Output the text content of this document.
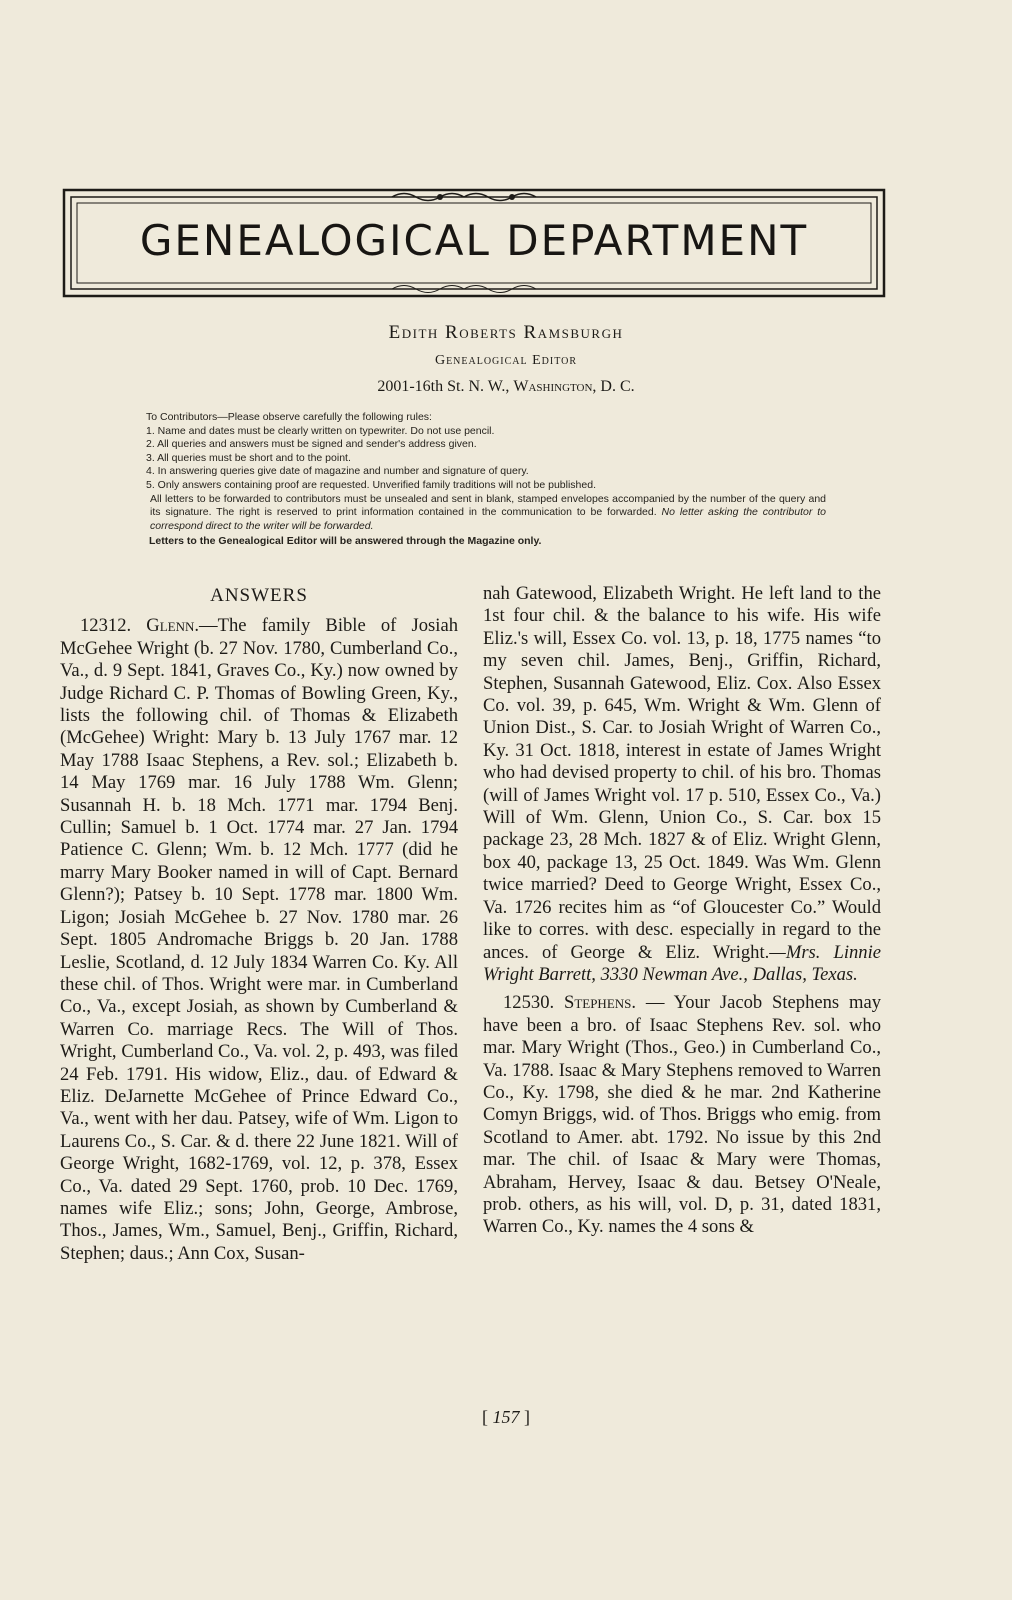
GENEALOGICAL DEPARTMENT
Edith Roberts Ramsburgh
Genealogical Editor
2001-16th St. N. W., Washington, D. C.
To Contributors—Please observe carefully the following rules:
1. Name and dates must be clearly written on typewriter. Do not use pencil.
2. All queries and answers must be signed and sender's address given.
3. All queries must be short and to the point.
4. In answering queries give date of magazine and number and signature of query.
5. Only answers containing proof are requested. Unverified family traditions will not be published.
All letters to be forwarded to contributors must be unsealed and sent in blank, stamped envelopes accompanied by the number of the query and its signature. The right is reserved to print information contained in the communication to be forwarded. No letter asking the contributor to correspond direct to the writer will be forwarded.
Letters to the Genealogical Editor will be answered through the Magazine only.

ANSWERS

12312. Glenn.—The family Bible of Josiah McGehee Wright (b. 27 Nov. 1780, Cumberland Co., Va., d. 9 Sept. 1841, Graves Co., Ky.) now owned by Judge Richard C. P. Thomas of Bowling Green, Ky., lists the following chil. of Thomas & Elizabeth (McGehee) Wright: Mary b. 13 July 1767 mar. 12 May 1788 Isaac Stephens, a Rev. sol.; Elizabeth b. 14 May 1769 mar. 16 July 1788 Wm. Glenn; Susannah H. b. 18 Mch. 1771 mar. 1794 Benj. Cullin; Samuel b. 1 Oct. 1774 mar. 27 Jan. 1794 Patience C. Glenn; Wm. b. 12 Mch. 1777 (did he marry Mary Booker named in will of Capt. Bernard Glenn?); Patsey b. 10 Sept. 1778 mar. 1800 Wm. Ligon; Josiah McGehee b. 27 Nov. 1780 mar. 26 Sept. 1805 Andromache Briggs b. 20 Jan. 1788 Leslie, Scotland, d. 12 July 1834 Warren Co. Ky. All these chil. of Thos. Wright were mar. in Cumberland Co., Va., except Josiah, as shown by Cumberland & Warren Co. marriage Recs. The Will of Thos. Wright, Cumberland Co., Va. vol. 2, p. 493, was filed 24 Feb. 1791. His widow, Eliz., dau. of Edward & Eliz. DeJarnette McGehee of Prince Edward Co., Va., went with her dau. Patsey, wife of Wm. Ligon to Laurens Co., S. Car. & d. there 22 June 1821. Will of George Wright, 1682-1769, vol. 12, p. 378, Essex Co., Va. dated 29 Sept. 1760, prob. 10 Dec. 1769, names wife Eliz.; sons; John, George, Ambrose, Thos., James, Wm., Samuel, Benj., Griffin, Richard, Stephen; daus.; Ann Cox, Susan-

nah Gatewood, Elizabeth Wright. He left land to the 1st four chil. & the balance to his wife. His wife Eliz.'s will, Essex Co. vol. 13, p. 18, 1775 names “to my seven chil. James, Benj., Griffin, Richard, Stephen, Susannah Gatewood, Eliz. Cox. Also Essex Co. vol. 39, p. 645, Wm. Wright & Wm. Glenn of Union Dist., S. Car. to Josiah Wright of Warren Co., Ky. 31 Oct. 1818, interest in estate of James Wright who had devised property to chil. of his bro. Thomas (will of James Wright vol. 17 p. 510, Essex Co., Va.) Will of Wm. Glenn, Union Co., S. Car. box 15 package 23, 28 Mch. 1827 & of Eliz. Wright Glenn, box 40, package 13, 25 Oct. 1849. Was Wm. Glenn twice married? Deed to George Wright, Essex Co., Va. 1726 recites him as “of Gloucester Co.” Would like to corres. with desc. especially in regard to the ances. of George & Eliz. Wright.—Mrs. Linnie Wright Barrett, 3330 Newman Ave., Dallas, Texas.

12530. Stephens. — Your Jacob Stephens may have been a bro. of Isaac Stephens Rev. sol. who mar. Mary Wright (Thos., Geo.) in Cumberland Co., Va. 1788. Isaac & Mary Stephens removed to Warren Co., Ky. 1798, she died & he mar. 2nd Katherine Comyn Briggs, wid. of Thos. Briggs who emig. from Scotland to Amer. abt. 1792. No issue by this 2nd mar. The chil. of Isaac & Mary were Thomas, Abraham, Hervey, Isaac & dau. Betsey O'Neale, prob. others, as his will, vol. D, p. 31, dated 1831, Warren Co., Ky. names the 4 sons &

[ 157 ]
